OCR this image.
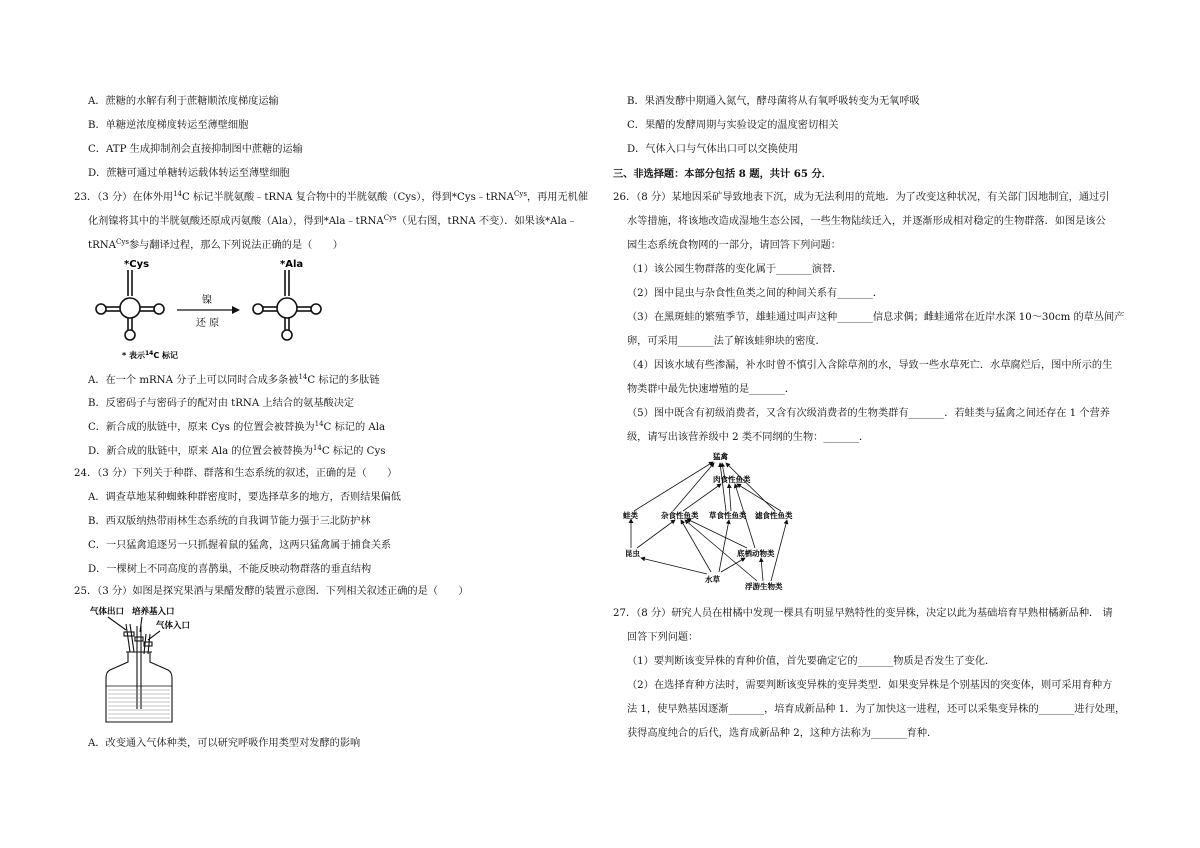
A．蔗糖的水解有利于蔗糖顺浓度梯度运输
B．单糖逆浓度梯度转运至薄壁细胞
C．ATP 生成抑制剂会直接抑制图中蔗糖的运输
D．蔗糖可通过单糖转运载体转运至薄壁细胞
23．（3 分）在体外用$^{14}$C 标记半胱氨酸﹣tRNA 复合物中的半胱氨酸（Cys），得到*Cys﹣tRNA$^{Cys}$，再用无机催
化剂镍将其中的半胱氨酸还原成丙氨酸（Ala），得到*Ala﹣tRNA$^{Cys}$（见右图，tRNA 不变）．如果该*Ala﹣
tRNA$^{Cys}$参与翻译过程，那么下列说法正确的是（　　）
*Cys	*Ala
镍
还 原
* 表示$^{14}$C 标记
A．在一个 mRNA 分子上可以同时合成多条被$^{14}$C 标记的多肽链
B．反密码子与密码子的配对由 tRNA 上结合的氨基酸决定
C．新合成的肽链中，原来 Cys 的位置会被替换为$^{14}$C 标记的 Ala
D．新合成的肽链中，原来 Ala 的位置会被替换为$^{14}$C 标记的 Cys
24．（3 分）下列关于种群、群落和生态系统的叙述，正确的是（　　）
A．调查草地某种蜘蛛种群密度时，要选择草多的地方，否则结果偏低
B．西双版纳热带雨林生态系统的自我调节能力强于三北防护林
C．一只猛禽追逐另一只抓握着鼠的猛禽，这两只猛禽属于捕食关系
D．一棵树上不同高度的喜鹊巢，不能反映动物群落的垂直结构
25．（3 分）如图是探究果酒与果醋发酵的装置示意图．下列相关叙述正确的是（　　）
气体出口 培养基入口
气体入口
A．改变通入气体种类，可以研究呼吸作用类型对发酵的影响
B．果酒发酵中期通入氮气，酵母菌将从有氧呼吸转变为无氧呼吸
C．果醋的发酵周期与实验设定的温度密切相关
D．气体入口与气体出口可以交换使用
三、非选择题：本部分包括 8 题，共计 65 分．
26．（8 分）某地因采矿导致地表下沉，成为无法利用的荒地．为了改变这种状况，有关部门因地制宜，通过引
水等措施，将该地改造成湿地生态公园，一些生物陆续迁入，并逐渐形成相对稳定的生物群落．如图是该公
园生态系统食物网的一部分，请回答下列问题：
（1）该公园生物群落的变化属于_______演替．
（2）图中昆虫与杂食性鱼类之间的种间关系有_______．
（3）在黑斑蛙的繁殖季节，雄蛙通过叫声这种_______信息求偶；雌蛙通常在近岸水深 10～30cm 的草丛间产
卵，可采用_______法了解该蛙卵块的密度．
（4）因该水域有些渗漏，补水时曾不慎引入含除草剂的水，导致一些水草死亡．水草腐烂后，图中所示的生
物类群中最先快速增殖的是_______．
（5）图中既含有初级消费者，又含有次级消费者的生物类群有_______．若蛙类与猛禽之间还存在 1 个营养
级，请写出该营养级中 2 类不同纲的生物：_______．
猛禽
肉食性鱼类
蛙类	杂食性鱼类 草食性鱼类 滤食性鱼类
昆虫	底栖动物类
水草
浮游生物类
27．（8 分）研究人员在柑橘中发现一棵具有明显早熟特性的变异株，决定以此为基础培育早熟柑橘新品种． 请
回答下列问题：
（1）要判断该变异株的育种价值，首先要确定它的_______物质是否发生了变化．
（2）在选择育种方法时，需要判断该变异株的变异类型．如果变异株是个别基因的突变体，则可采用育种方
法 1，使早熟基因逐渐_______，培育成新品种 1．为了加快这一进程，还可以采集变异株的_______进行处理，
获得高度纯合的后代，选育成新品种 2，这种方法称为_______育种．
